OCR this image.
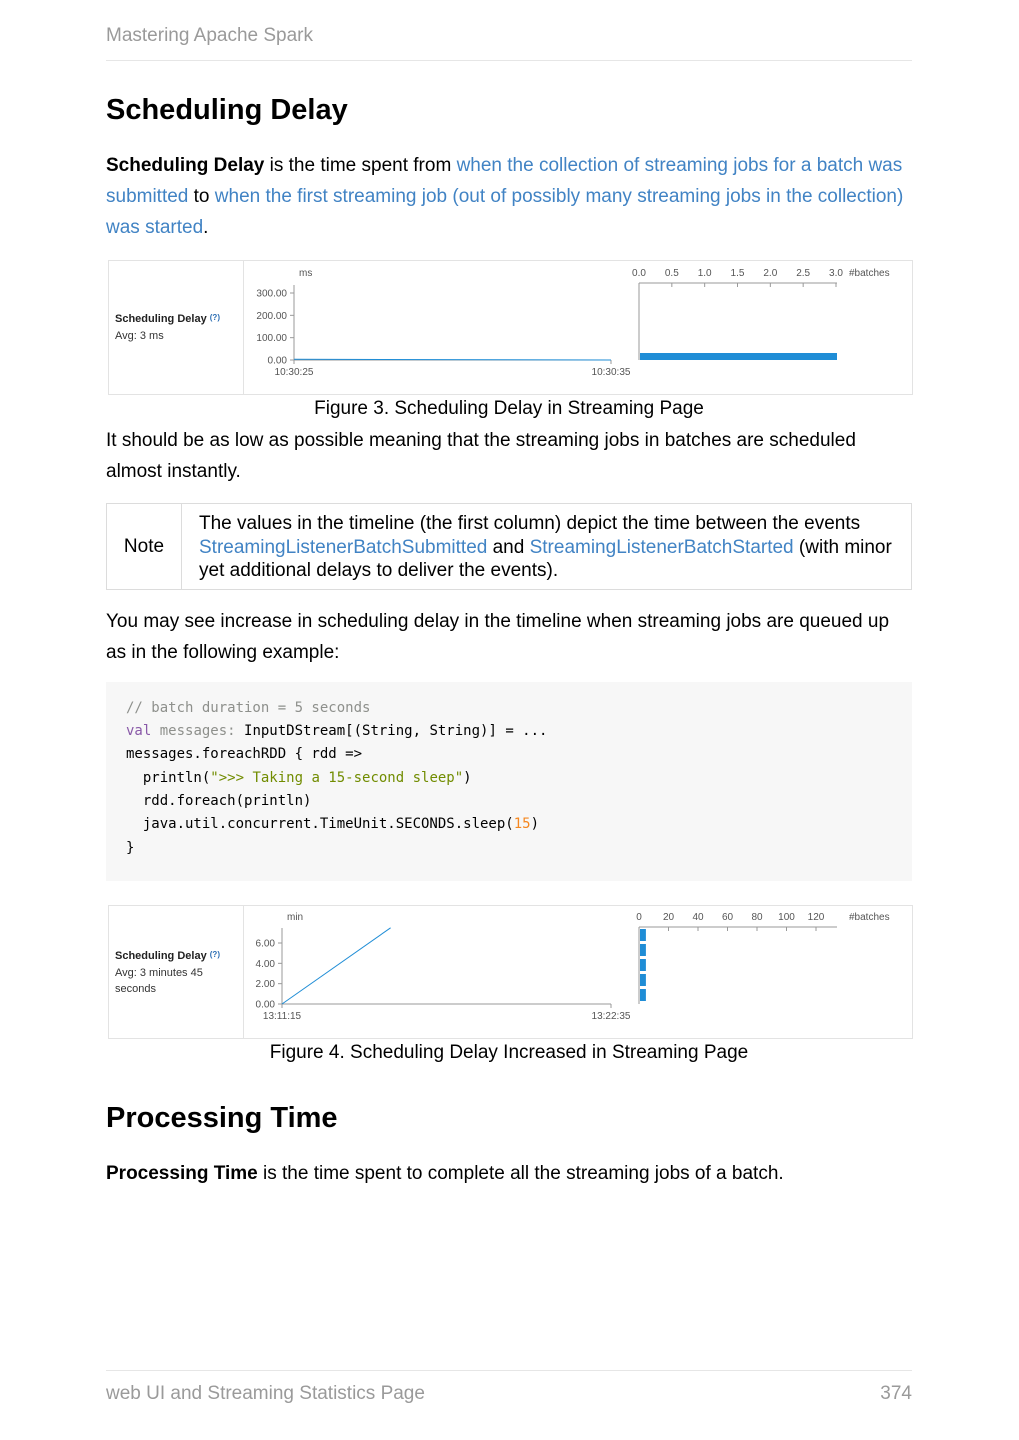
Mastering Apache Spark
Scheduling Delay

Scheduling Delay is the time spent from when the collection of streaming jobs for a batch was submitted to when the first streaming job (out of possibly many streaming jobs in the collection) was started.

Scheduling Delay (?)
Avg: 3 ms
ms
300.00
200.00
100.00
0.00
10:30:25	10:30:35
0.0 0.5 1.0 1.5 2.0 2.5 3.0 #batches
Figure 3. Scheduling Delay in Streaming Page

It should be as low as possible meaning that the streaming jobs in batches are scheduled almost instantly.

Note
The values in the timeline (the first column) depict the time between the events StreamingListenerBatchSubmitted and StreamingListenerBatchStarted (with minor yet additional delays to deliver the events).

You may see increase in scheduling delay in the timeline when streaming jobs are queued up as in the following example:

// batch duration = 5 seconds
val messages: InputDStream[(String, String)] = ...
messages.foreachRDD { rdd =>
println(">>> Taking a 15-second sleep")
rdd.foreach(println)
java.util.concurrent.TimeUnit.SECONDS.sleep(15)
}
Scheduling Delay (?)
Avg: 3 minutes 45 seconds
min
6.00
4.00
2.00
0.00
13:11:15	13:22:35
0 20 40 60 80 100 120 #batches
Figure 4. Scheduling Delay Increased in Streaming Page
Processing Time

Processing Time is the time spent to complete all the streaming jobs of a batch.

web UI and Streaming Statistics Page	374
